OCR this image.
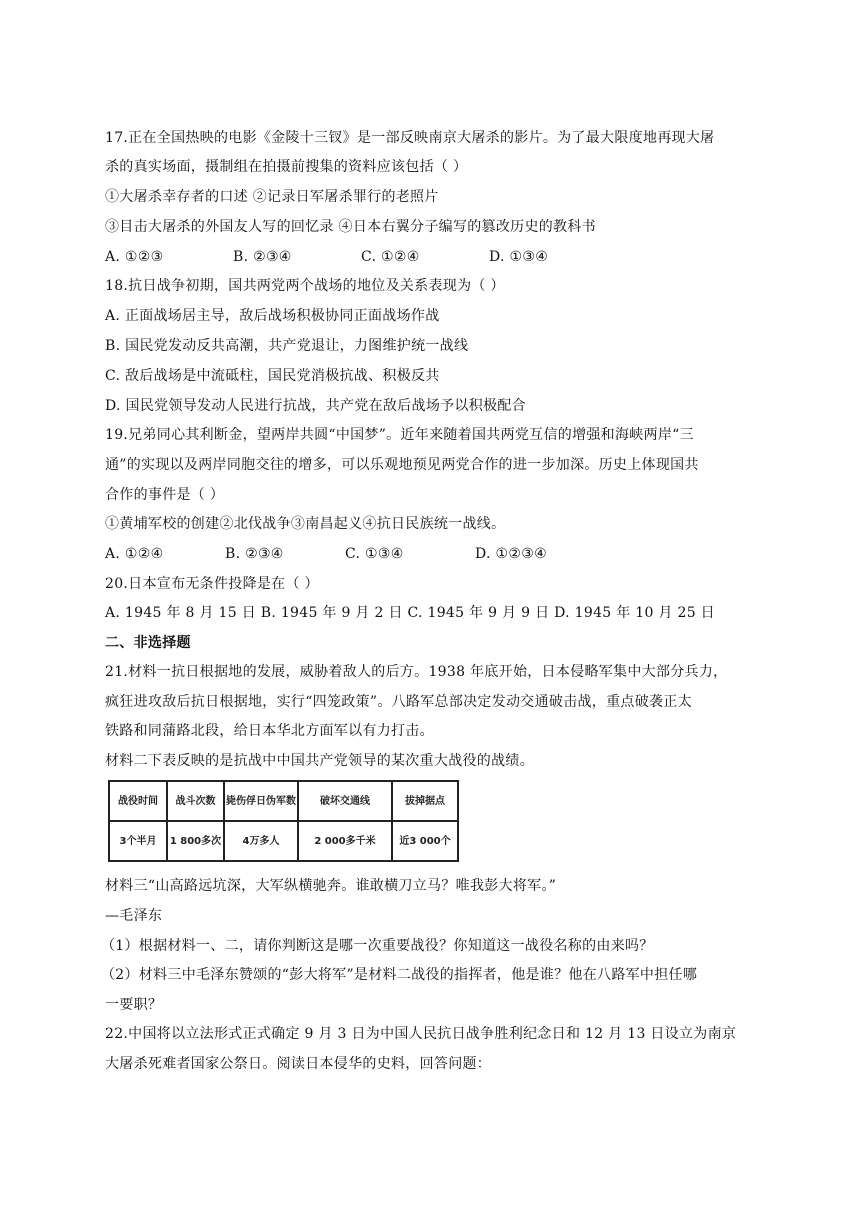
17.正在全国热映的电影《金陵十三钗》是一部反映南京大屠杀的影片。为了最大限度地再现大屠
杀的真实场面，摄制组在拍摄前搜集的资料应该包括（ ）
①大屠杀幸存者的口述 ②记录日军屠杀罪行的老照片
③目击大屠杀的外国友人写的回忆录 ④日本右翼分子编写的篡改历史的教科书
A. ①②③	B. ②③④	C. ①②④	D. ①③④
18.抗日战争初期，国共两党两个战场的地位及关系表现为（ ）
A. 正面战场居主导，敌后战场积极协同正面战场作战
B. 国民党发动反共高潮，共产党退让，力图维护统一战线
C. 敌后战场是中流砥柱，国民党消极抗战、积极反共
D. 国民党领导发动人民进行抗战，共产党在敌后战场予以积极配合
19.兄弟同心其利断金，望两岸共圆“中国梦”。近年来随着国共两党互信的增强和海峡两岸“三
通”的实现以及两岸同胞交往的增多，可以乐观地预见两党合作的进一步加深。历史上体现国共
合作的事件是（ ）
①黄埔军校的创建②北伐战争③南昌起义④抗日民族统一战线。
A. ①②④	B. ②③④	C. ①③④	D. ①②③④
20.日本宣布无条件投降是在（ ）
A. 1945 年 8 月 15 日 B. 1945 年 9 月 2 日 C. 1945 年 9 月 9 日 D. 1945 年 10 月 25 日
二、非选择题
21.材料一抗日根据地的发展，威胁着敌人的后方。1938 年底开始，日本侵略军集中大部分兵力，
疯狂进攻敌后抗日根据地，实行“四笼政策”。八路军总部决定发动交通破击战，重点破袭正太
铁路和同蒲路北段，给日本华北方面军以有力打击。
材料二下表反映的是抗战中中国共产党领导的某次重大战役的战绩。
战役时间	战斗次数	毙伤俘日伪军数	破坏交通线	拔掉据点
3个半月	1 800多次	4万多人	2 000多千米	近3 000个
材料三“山高路远坑深，大军纵横驰奔。谁敢横刀立马？唯我彭大将军。”
—毛泽东
（1）根据材料一、二，请你判断这是哪一次重要战役？你知道这一战役名称的由来吗？
（2）材料三中毛泽东赞颂的“彭大将军”是材料二战役的指挥者，他是谁？他在八路军中担任哪
一要职？
22.中国将以立法形式正式确定 9 月 3 日为中国人民抗日战争胜利纪念日和 12 月 13 日设立为南京
大屠杀死难者国家公祭日。阅读日本侵华的史料，回答问题：
